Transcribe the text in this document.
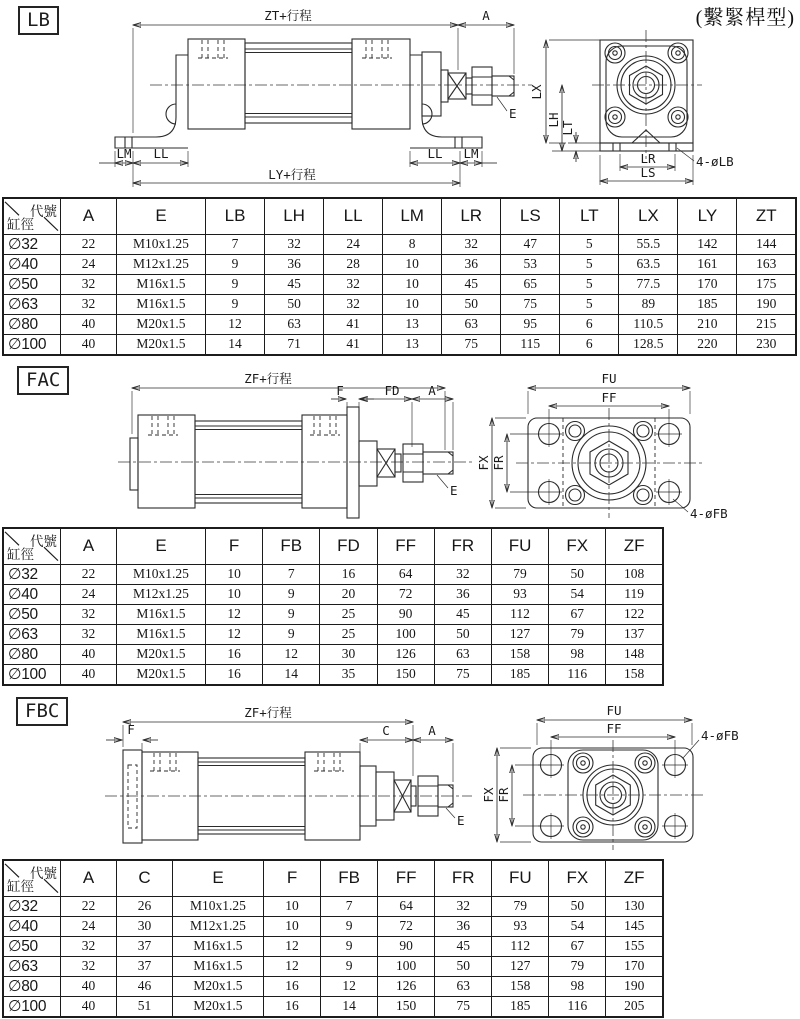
ZT+行程	A
LM LL	LL LM
LY+行程
E
LX
LH
LT
LR
LS
4-øLB
LB	(繫緊桿型)
代號
缸徑	A	E	LB	LH	LL	LM	LR	LS	LT	LX	LY	ZT
∅32	22	M10x1.25	7	32	24	8	32	47	5	55.5	142	144
∅40	24	M12x1.25	9	36	28	10	36	53	5	63.5	161	163
∅50	32	M16x1.5	9	45	32	10	45	65	5	77.5	170	175
∅63	32	M16x1.5	9	50	32	10	50	75	5	89	185	190
∅80	40	M20x1.5	12	63	41	13	63	95	6	110.5	210	215
∅100	40	M20x1.5	14	71	41	13	75	115	6	128.5	220	230
ZF+行程
F	FD A
E
FU
FF
FX FR
4-øFB
FAC
代號
缸徑	A	E	F	FB	FD	FF	FR	FU	FX	ZF
∅32	22	M10x1.25	10	7	16	64	32	79	50	108
∅40	24	M12x1.25	10	9	20	72	36	93	54	119
∅50	32	M16x1.5	12	9	25	90	45	112	67	122
∅63	32	M16x1.5	12	9	25	100	50	127	79	137
∅80	40	M20x1.5	16	12	30	126	63	158	98	148
∅100	40	M20x1.5	16	14	35	150	75	185	116	158
ZF+行程
F	C	A
E
FU
FF
FX FR
4-øFB
FBC
代號
缸徑	A	C	E	F	FB	FF	FR	FU	FX	ZF
∅32	22	26	M10x1.25	10	7	64	32	79	50	130
∅40	24	30	M12x1.25	10	9	72	36	93	54	145
∅50	32	37	M16x1.5	12	9	90	45	112	67	155
∅63	32	37	M16x1.5	12	9	100	50	127	79	170
∅80	40	46	M20x1.5	16	12	126	63	158	98	190
∅100	40	51	M20x1.5	16	14	150	75	185	116	205
